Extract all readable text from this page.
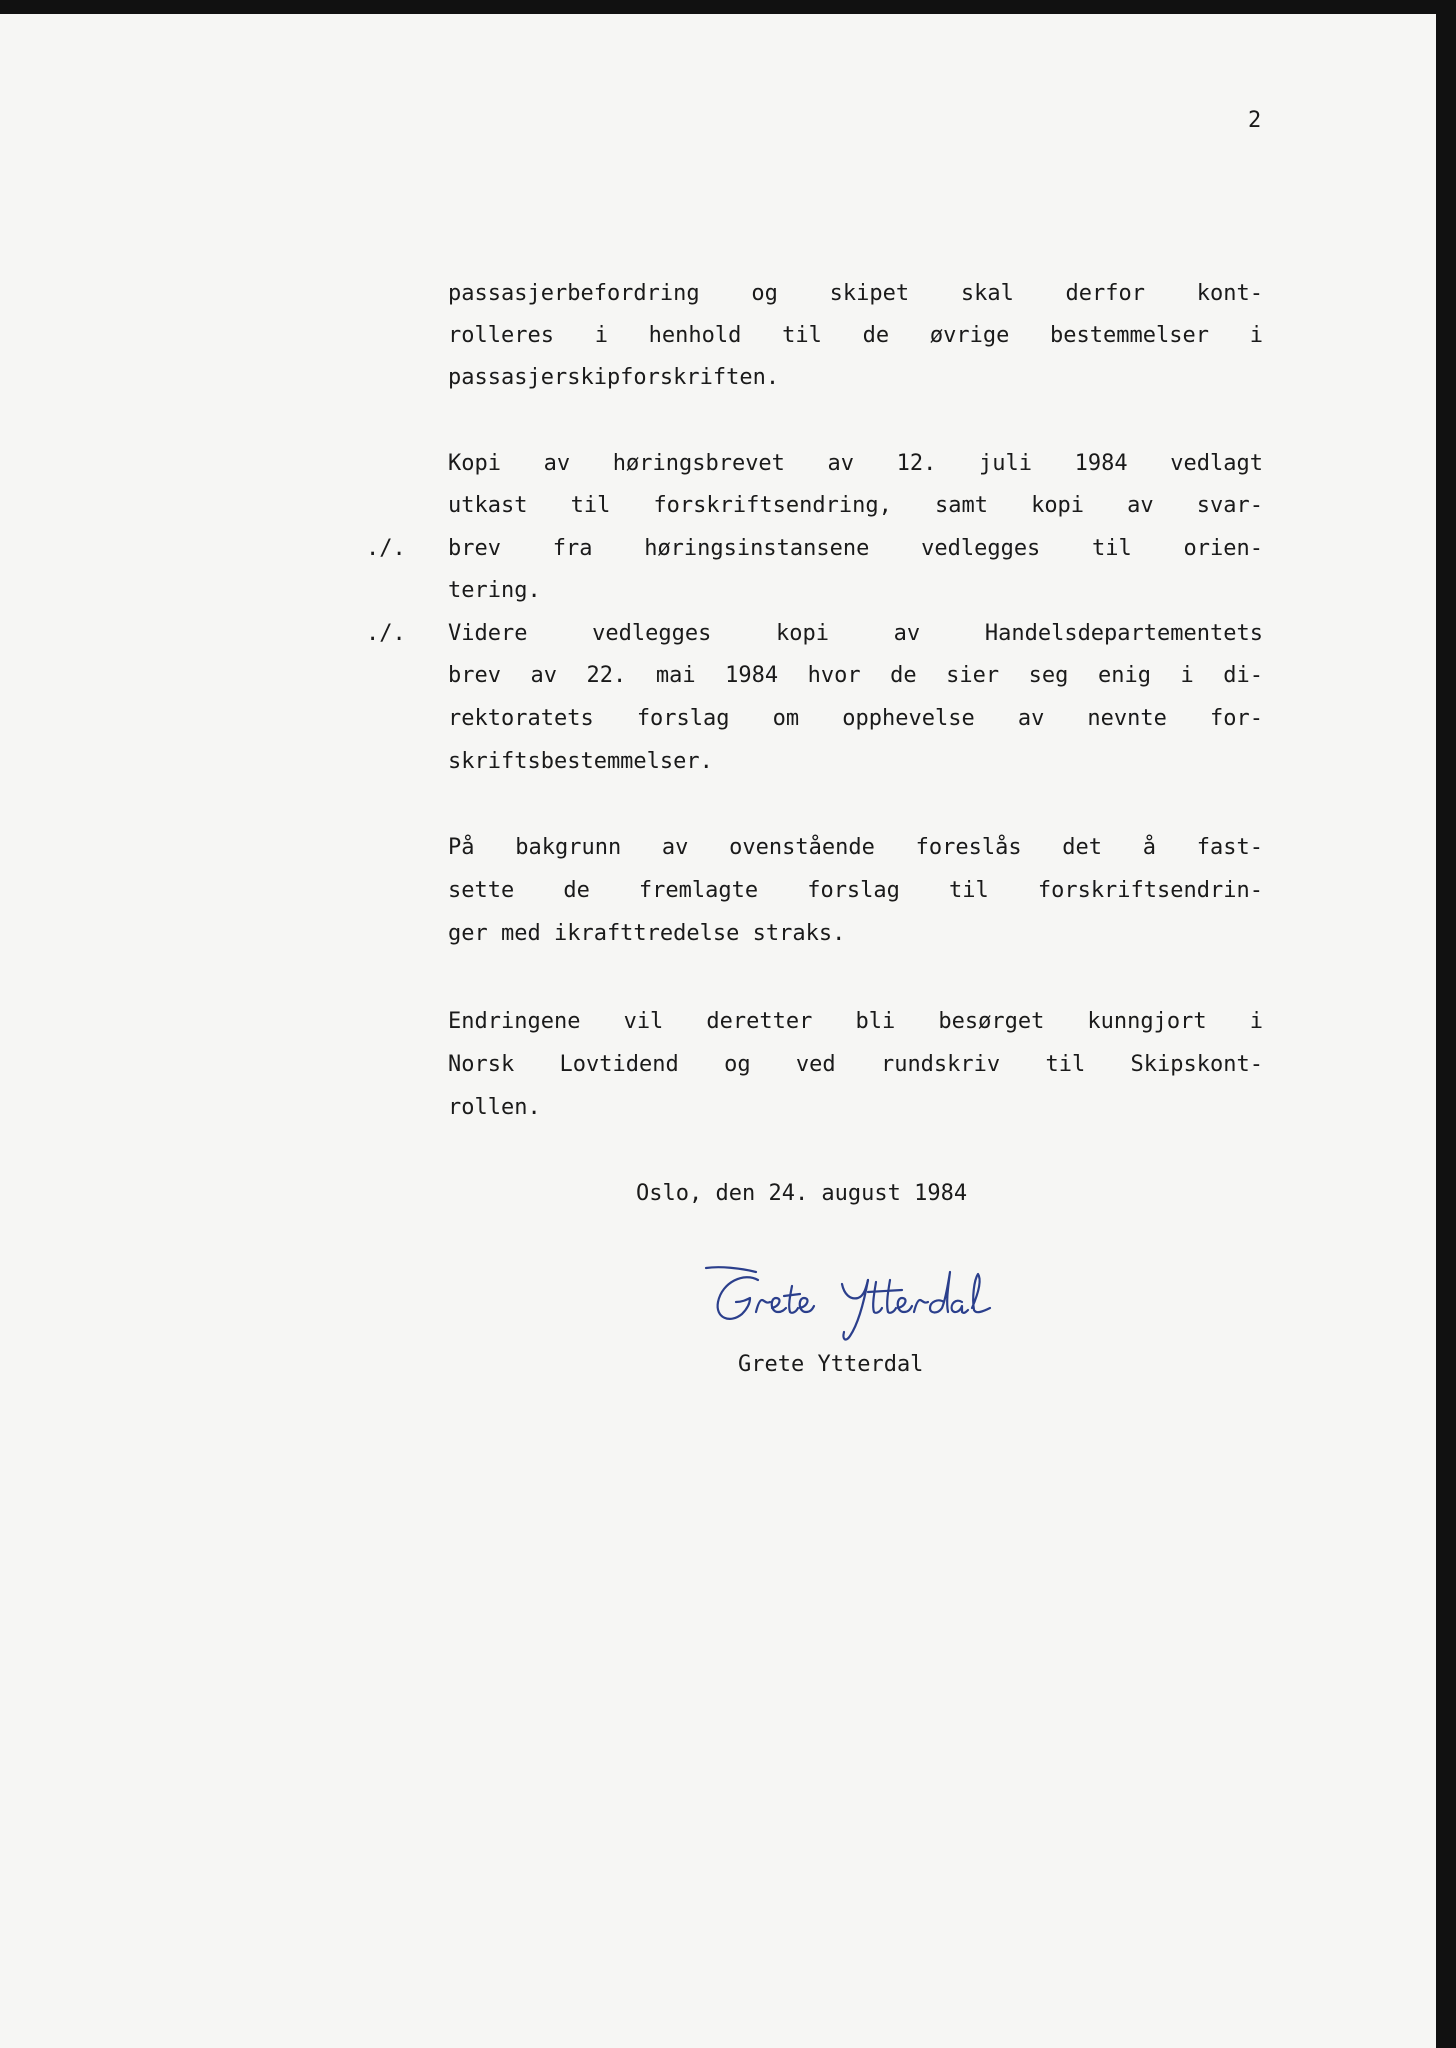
2
passasjerbefordring og skipet skal derfor kont-
rolleres i henhold til de øvrige bestemmelser i
passasjerskipforskriften.
Kopi av høringsbrevet av 12. juli 1984 vedlagt
utkast til forskriftsendring, samt kopi av svar-
./. brev fra høringsinstansene vedlegges til orien-
tering.
./. Videre vedlegges kopi av Handelsdepartementets
brev av 22. mai 1984 hvor de sier seg enig i di-
rektoratets forslag om opphevelse av nevnte for-
skriftsbestemmelser.
På bakgrunn av ovenstående foreslås det å fast-
sette de fremlagte forslag til forskriftsendrin-
ger med ikrafttredelse straks.
Endringene vil deretter bli besørget kunngjort i
Norsk Lovtidend og ved rundskriv til Skipskont-
rollen.
Oslo, den 24. august 1984
Grete Ytterdal
